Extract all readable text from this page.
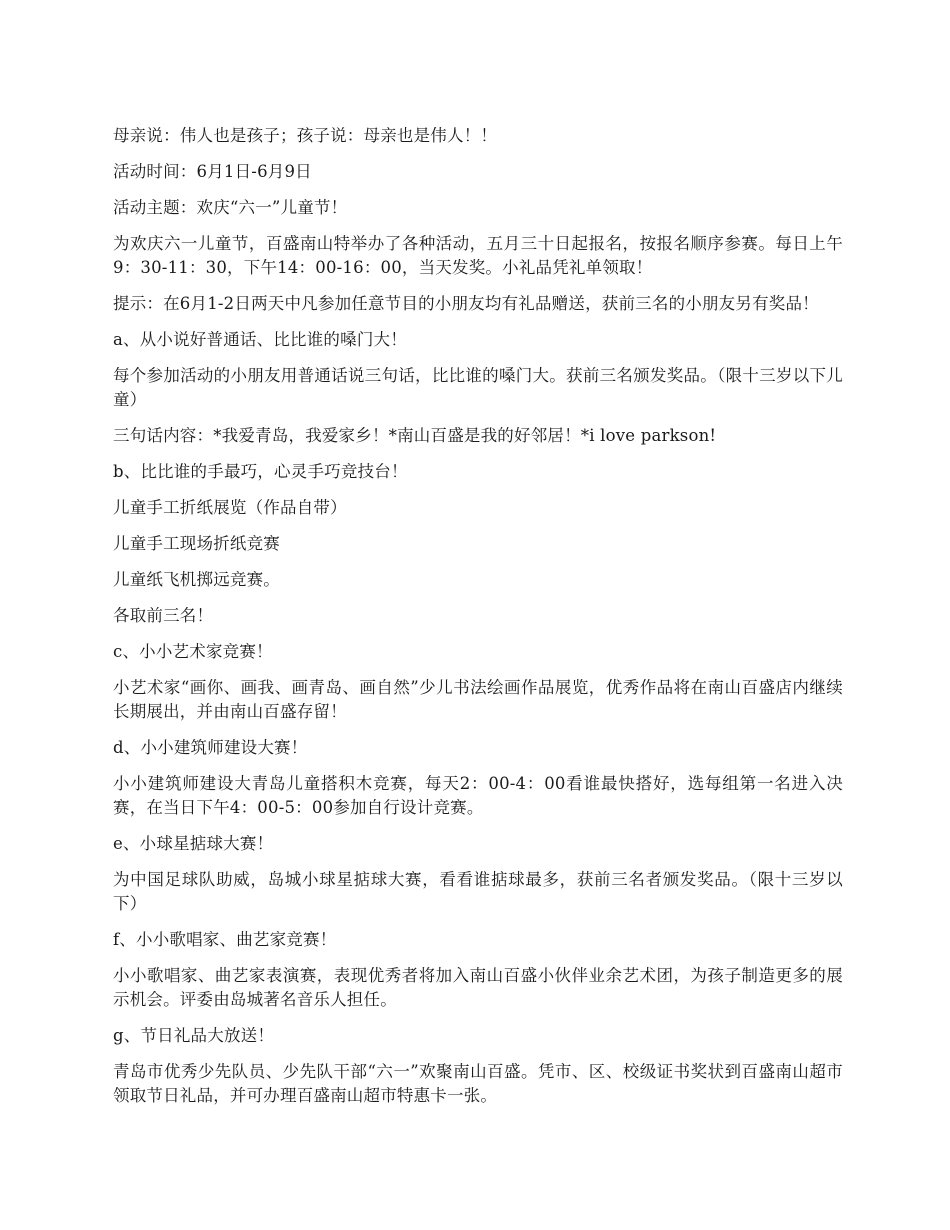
母亲说：伟人也是孩子；孩子说：母亲也是伟人！！

活动时间：6月1日-6月9日

活动主题：欢庆“六一”儿童节！

为欢庆六一儿童节，百盛南山特举办了各种活动，五月三十日起报名，按报名顺序参赛。每日上午9：30-11：30，下午14：00-16：00，当天发奖。小礼品凭礼单领取！

提示：在6月1-2日两天中凡参加任意节目的小朋友均有礼品赠送，获前三名的小朋友另有奖品！

a、从小说好普通话、比比谁的嗓门大！

每个参加活动的小朋友用普通话说三句话，比比谁的嗓门大。获前三名颁发奖品。（限十三岁以下儿童）

三句话内容：*我爱青岛，我爱家乡！*南山百盛是我的好邻居！*i love parkson!

b、比比谁的手最巧，心灵手巧竞技台！

儿童手工折纸展览（作品自带）

儿童手工现场折纸竞赛

儿童纸飞机掷远竞赛。

各取前三名！

c、小小艺术家竞赛！

小艺术家“画你、画我、画青岛、画自然”少儿书法绘画作品展览，优秀作品将在南山百盛店内继续长期展出，并由南山百盛存留！

d、小小建筑师建设大赛！

小小建筑师建设大青岛儿童搭积木竞赛，每天2：00-4：00看谁最快搭好，选每组第一名进入决赛，在当日下午4：00-5：00参加自行设计竞赛。

e、小球星掂球大赛！

为中国足球队助威，岛城小球星掂球大赛，看看谁掂球最多，获前三名者颁发奖品。（限十三岁以下）

f、小小歌唱家、曲艺家竞赛！

小小歌唱家、曲艺家表演赛，表现优秀者将加入南山百盛小伙伴业余艺术团，为孩子制造更多的展示机会。评委由岛城著名音乐人担任。

g、节日礼品大放送！

青岛市优秀少先队员、少先队干部“六一”欢聚南山百盛。凭市、区、校级证书奖状到百盛南山超市领取节日礼品，并可办理百盛南山超市特惠卡一张。
